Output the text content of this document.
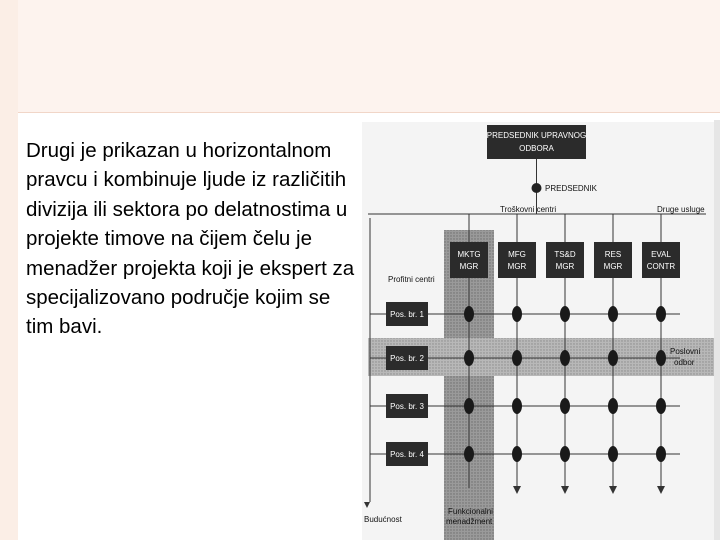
Drugi je prikazan u horizontalnom pravcu i kombinuje ljude iz različitih divizija ili sektora po delatnostima u projekte timove na čijem čelu je menadžer projekta koji je ekspert za specijalizovano područje kojim se tim bavi.
PREDSEDNIK UPRAVNOG
ODBORA
PREDSEDNIK
Troškovni centri	Druge usluge
MKTG
MGR
MFG
MGR
TS&D
MGR
RES
MGR
EVAL
CONTR
Profitni centri
Pos. br. 1
Pos. br. 2
Pos. br. 3
Pos. br. 4
Poslovni
odbor
Budućnost
Funkcionalni
menadžment
